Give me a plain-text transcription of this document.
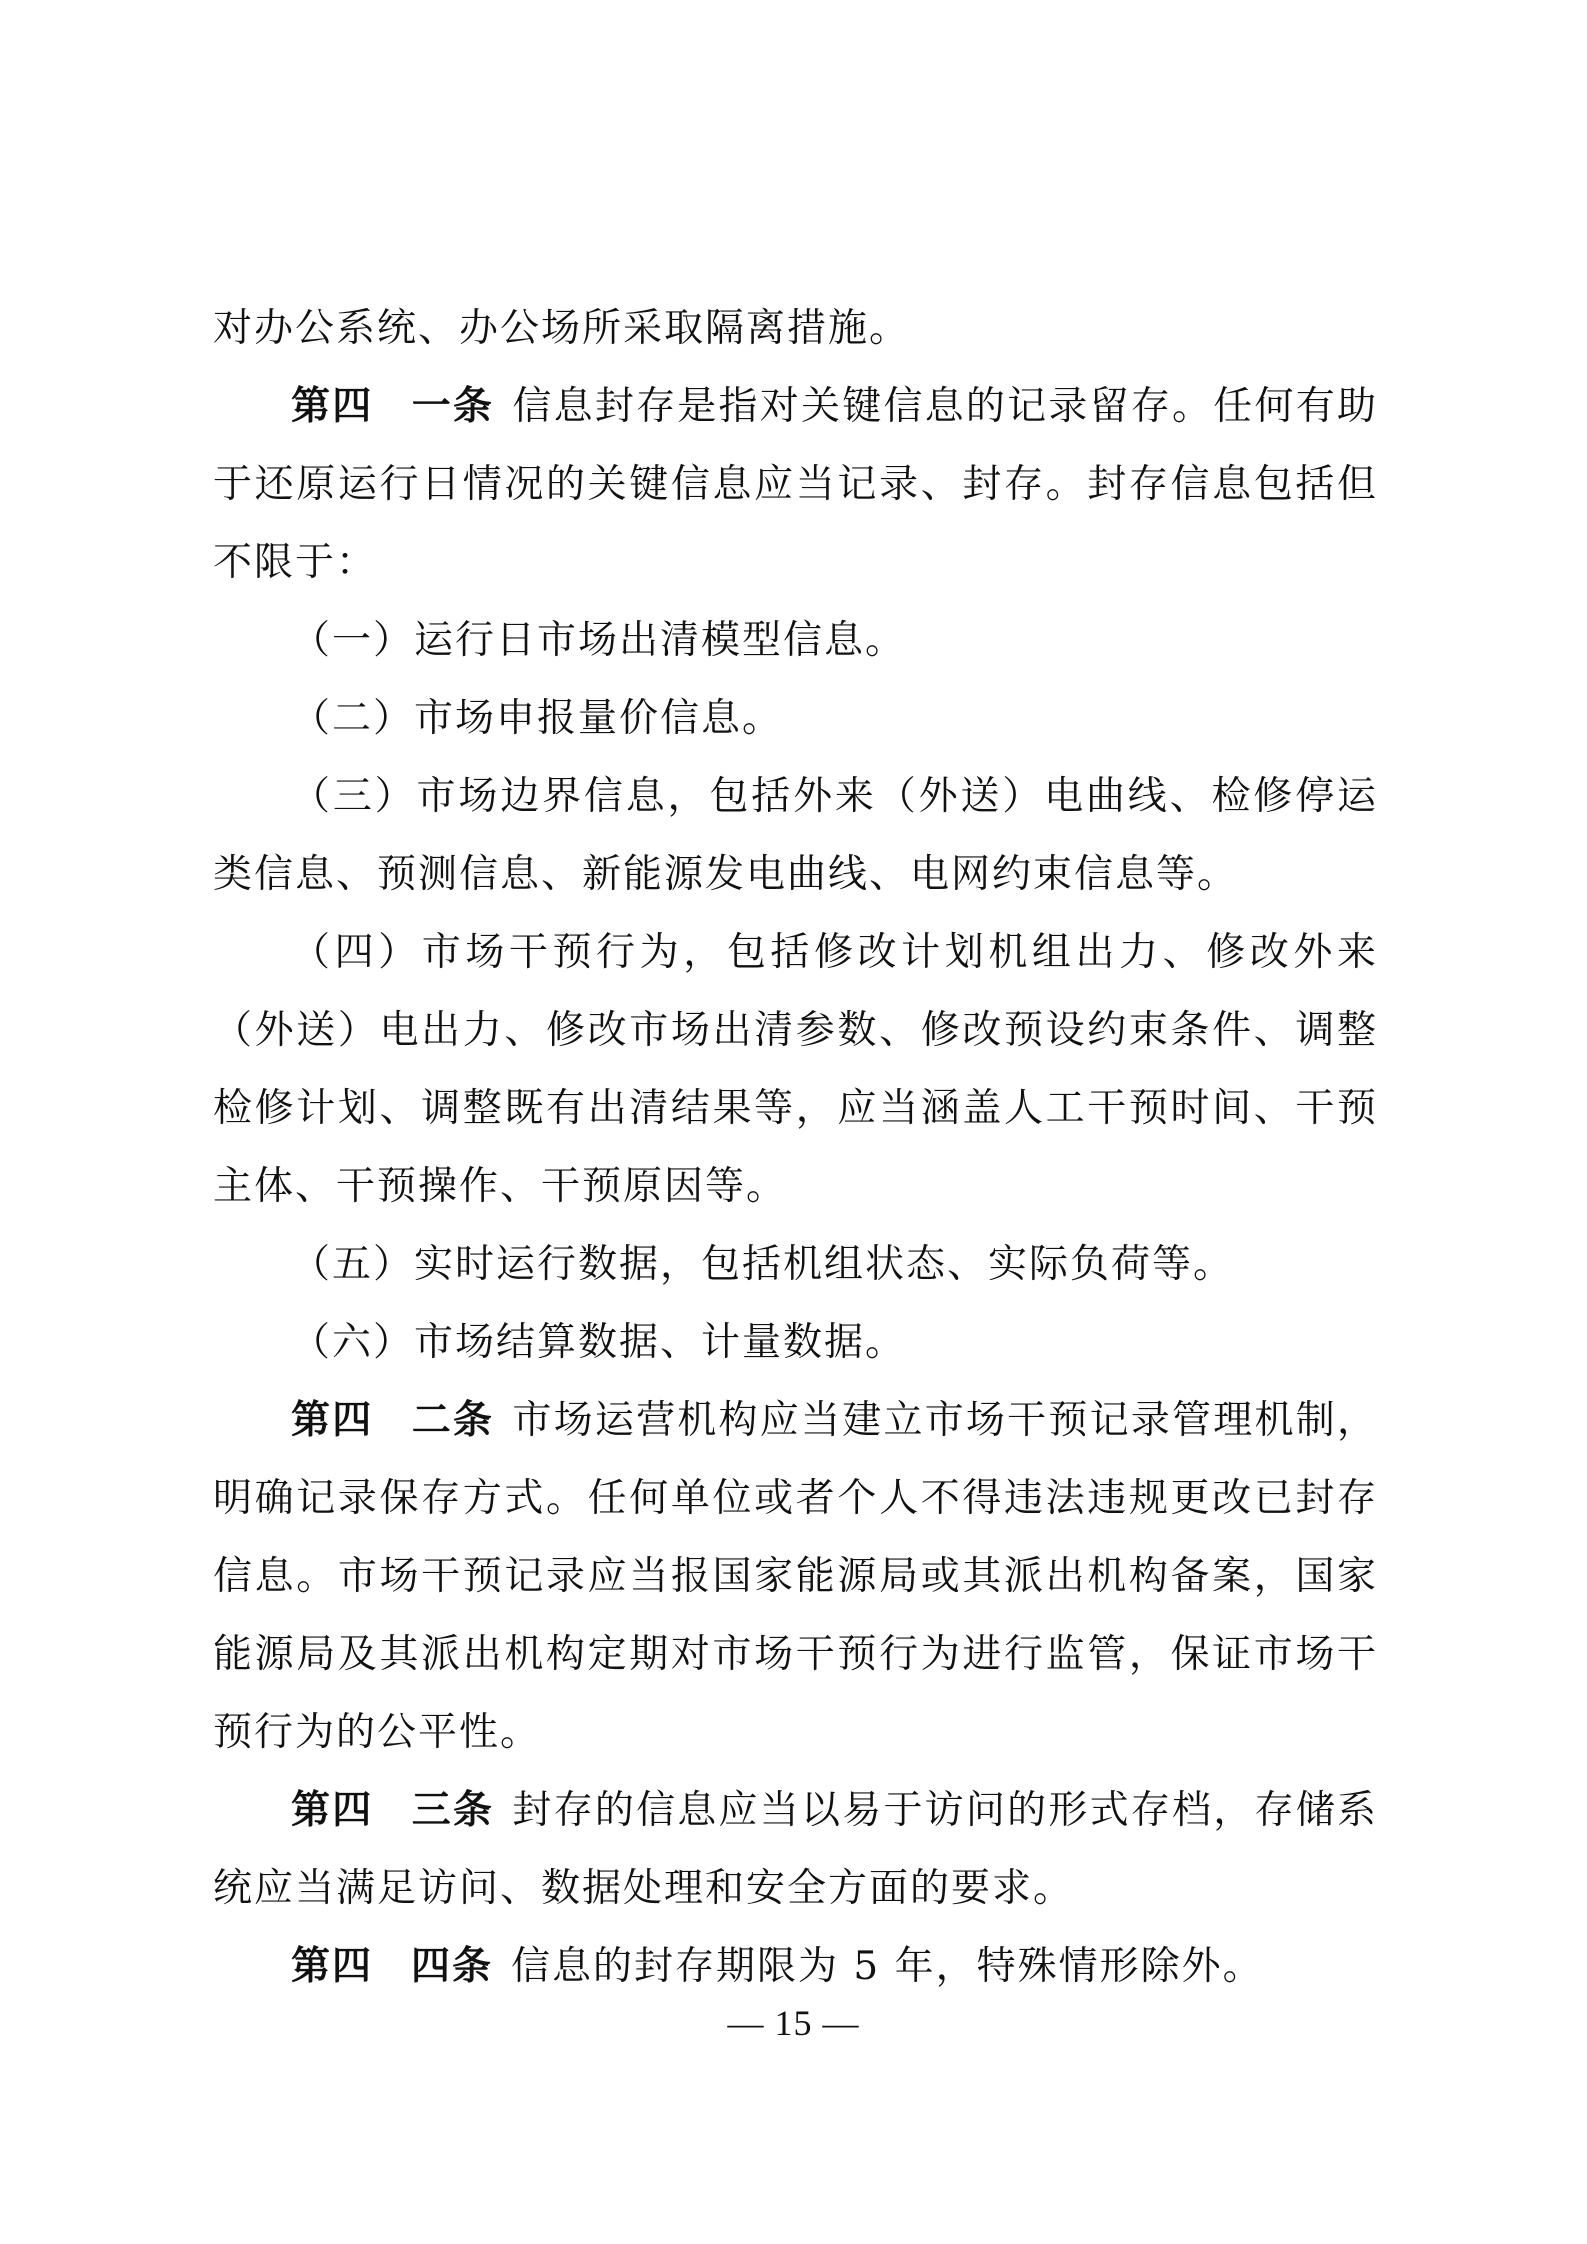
对办公系统、办公场所采取隔离措施。

第四 一条 信息封存是指对关键信息的记录留存。任何有助于还原运行日情况的关键信息应当记录、封存。封存信息包括但不限于：

（一）运行日市场出清模型信息。

（二）市场申报量价信息。

（三）市场边界信息，包括外来（外送）电曲线、检修停运类信息、预测信息、新能源发电曲线、电网约束信息等。

（四）市场干预行为，包括修改计划机组出力、修改外来（外送）电出力、修改市场出清参数、修改预设约束条件、调整检修计划、调整既有出清结果等，应当涵盖人工干预时间、干预主体、干预操作、干预原因等。

（五）实时运行数据，包括机组状态、实际负荷等。

（六）市场结算数据、计量数据。

第四 二条 市场运营机构应当建立市场干预记录管理机制，明确记录保存方式。任何单位或者个人不得违法违规更改已封存信息。市场干预记录应当报国家能源局或其派出机构备案，国家能源局及其派出机构定期对市场干预行为进行监管，保证市场干预行为的公平性。

第四 三条 封存的信息应当以易于访问的形式存档，存储系统应当满足访问、数据处理和安全方面的要求。

第四 四条 信息的封存期限为 5 年，特殊情形除外。

— 15 —
